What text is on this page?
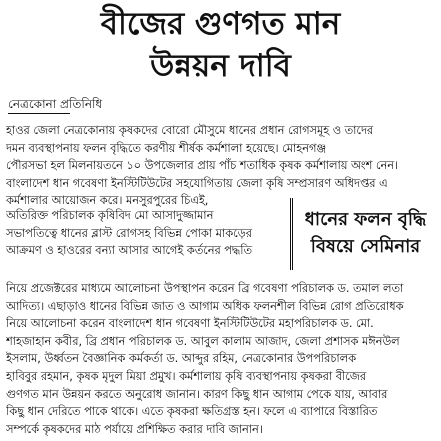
বীজের গুণগত মান
উন্নয়ন দাবি
নেত্রকোনা প্রতিনিধি
হাওর জেলা নেত্রকোনায় কৃষকদের বোরো মৌসুমে ধানের প্রধান রোগসমূহ ও তাদের
দমন ব্যবস্থাপনায় ফলন বৃদ্ধিতে করণীয় শীর্ষক কর্মশালা হয়েছে। মোহনগঞ্জ
পৌরসভা হল মিলনায়তনে ১০ উপজেলার প্রায় পাঁচ শতাধিক কৃষক কর্মশালায় অংশ নেন।
বাংলাদেশ ধান গবেষণা ইনস্টিটিউটের সহযোগিতায় জেলা কৃষি সম্প্রসারণ অধিদপ্তর এ
কর্মশালার আয়োজন করে। মনসুরপুরের চিএই,
অতিরিক্ত পরিচালক কৃষিবিদ মো আসাদুজ্জামান
সভাপতিত্বে ধানের ব্লাস্ট রোগসহ বিভিন্ন পোকা মাকড়ের
আক্রমণ ও হাওরের বন্যা আসার আগেই কর্তনের পদ্ধতি
ধানের ফলন বৃদ্ধি
বিষয়ে সেমিনার
নিয়ে প্রজেক্টরের মাধ্যমে আলোচনা উপস্থাপন করেন ব্রি গবেষণা পরিচালক ড. তমাল লতা
আদিত্য। এছাড়াও ধানের বিভিন্ন জাত ও আগাম অধিক ফলনশীল বিভিন্ন রোগ প্রতিরোধক
নিয়ে আলোচনা করেন বাংলাদেশ ধান গবেষণা ইনস্টিটিউটের মহাপরিচালক ড. মো.
শাহজাহান কবীর, ব্রি প্রধান পরিচালক ড. আবুল কালাম আজাদ, জেলা প্রশাসক মঈনউল
ইসলাম, উর্ধ্বতন বৈজ্ঞানিক কর্মকর্তা ড. আব্দুর রহিম, নেত্রকোনার উপপরিচালক
হাবিবুর রহমান, কৃষক মৃদুল মিয়া প্রমুখ। কর্মশালায় কৃষি ব্যবস্থাপনায় কৃষকরা বীজের
গুণগত মান উন্নয়ন করতে অনুরোধ জানান। কারণ কিছু ধান আগাম পেকে যায়, আবার
কিছু ধান দেরিতে পাকে থাকে। এতে কৃষকরা ক্ষতিগ্রস্ত হন। ফলে এ ব্যাপারে বিস্তারিত
সম্পর্কে কৃষকদের মাঠ পর্যায়ে প্রশিক্ষিত করার দাবি জানান।
